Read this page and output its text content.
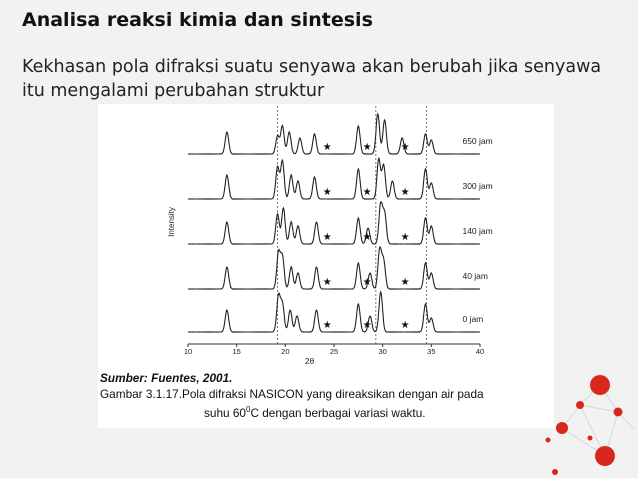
Analisa reaksi kimia dan sintesis
Kekhasan pola difraksi suatu senyawa akan berubah jika senyawa itu mengalami perubahan struktur
650 jam
★	★	★
300 jam
★	★	★
140 jam
★	★	★
40 jam
★	★	★
0 jam
★	★	★
10	15	20	25	30	35	40
2θ
Intensity
Sumber: Fuentes, 2001.
Gambar 3.1.17.Pola difraksi NASICON yang direaksikan dengan air pada
suhu $60^0C$ dengan berbagai variasi waktu.
